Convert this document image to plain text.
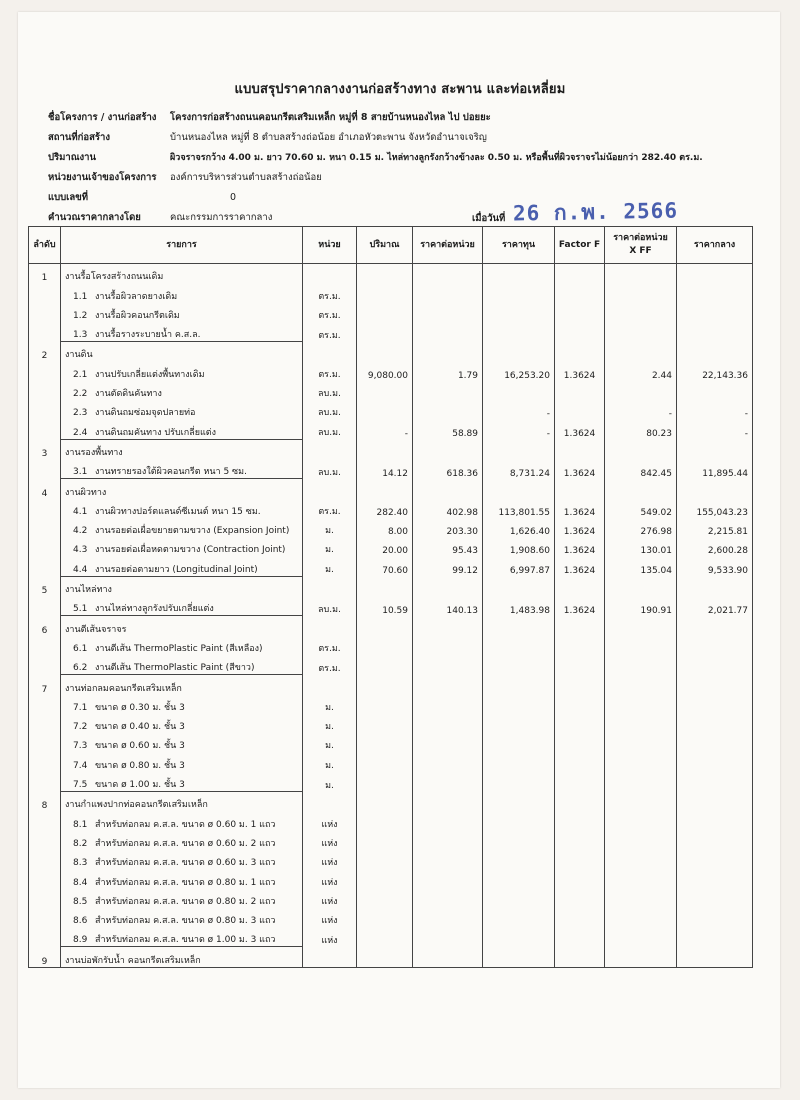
แบบสรุปราคากลางงานก่อสร้างทาง สะพาน และท่อเหลี่ยม
ชื่อโครงการ / งานก่อสร้าง โครงการก่อสร้างถนนคอนกรีตเสริมเหล็ก หมู่ที่ 8 สายบ้านหนองไหล ไป ปอยยะ
สถานที่ก่อสร้าง	บ้านหนองไหล หมู่ที่ 8 ตำบลสร้างถ่อน้อย อำเภอหัวตะพาน จังหวัดอำนาจเจริญ
ปริมาณงาน	ผิวจราจรกว้าง 4.00 ม. ยาว 70.60 ม. หนา 0.15 ม. ไหล่ทางลูกรังกว้างข้างละ 0.50 ม. หรือพื้นที่ผิวจราจรไม่น้อยกว่า 282.40 ตร.ม.
หน่วยงานเจ้าของโครงการ องค์การบริหารส่วนตำบลสร้างถ่อน้อย
แบบเลขที่	0
คำนวณราคากลางโดย	คณะกรรมการราคากลาง	เมื่อวันที่ 26 ก.พ. 2566
ลำดับ	รายการ	หน่วย	ปริมาณ	ราคาต่อหน่วย	ราคาทุน	Factor F	ราคาต่อหน่วย
X FF	ราคากลาง
1	งานรื้อโครงสร้างถนนเดิม							
	1.1 งานรื้อผิวลาดยางเดิม	ตร.ม.						
	1.2 งานรื้อผิวคอนกรีตเดิม	ตร.ม.						
	1.3 งานรื้อรางระบายน้ำ ค.ส.ล.	ตร.ม.						
2	งานดิน							
	2.1 งานปรับเกลี่ยแต่งพื้นทางเดิม	ตร.ม.	9,080.00	1.79	16,253.20	1.3624	2.44	22,143.36
	2.2 งานตัดดินคันทาง	ลบ.ม.						
	2.3 งานดินถมซ่อมจุดปลายท่อ	ลบ.ม.			-		-	-
	2.4 งานดินถมคันทาง ปรับเกลี่ยแต่ง	ลบ.ม.	-	58.89	-	1.3624	80.23	-
3	งานรองพื้นทาง							
	3.1 งานทรายรองใต้ผิวคอนกรีต หนา 5 ซม.	ลบ.ม.	14.12	618.36	8,731.24	1.3624	842.45	11,895.44
4	งานผิวทาง							
	4.1 งานผิวทางปอร์ตแลนด์ซีเมนต์ หนา 15 ซม.	ตร.ม.	282.40	402.98	113,801.55	1.3624	549.02	155,043.23
	4.2 งานรอยต่อเผื่อขยายตามขวาง (Expansion Joint)	ม.	8.00	203.30	1,626.40	1.3624	276.98	2,215.81
	4.3 งานรอยต่อเผื่อหดตามขวาง (Contraction Joint)	ม.	20.00	95.43	1,908.60	1.3624	130.01	2,600.28
	4.4 งานรอยต่อตามยาว (Longitudinal Joint)	ม.	70.60	99.12	6,997.87	1.3624	135.04	9,533.90
5	งานไหล่ทาง							
	5.1 งานไหล่ทางลูกรังปรับเกลี่ยแต่ง	ลบ.ม.	10.59	140.13	1,483.98	1.3624	190.91	2,021.77
6	งานตีเส้นจราจร							
	6.1 งานตีเส้น ThermoPlastic Paint (สีเหลือง)	ตร.ม.						
	6.2 งานตีเส้น ThermoPlastic Paint (สีขาว)	ตร.ม.						
7	งานท่อกลมคอนกรีตเสริมเหล็ก							
	7.1 ขนาด ø 0.30 ม. ชั้น 3	ม.						
	7.2 ขนาด ø 0.40 ม. ชั้น 3	ม.						
	7.3 ขนาด ø 0.60 ม. ชั้น 3	ม.						
	7.4 ขนาด ø 0.80 ม. ชั้น 3	ม.						
	7.5 ขนาด ø 1.00 ม. ชั้น 3	ม.						
8	งานกำแพงปากท่อคอนกรีตเสริมเหล็ก							
	8.1 สำหรับท่อกลม ค.ส.ล. ขนาด ø 0.60 ม. 1 แถว	แห่ง						
	8.2 สำหรับท่อกลม ค.ส.ล. ขนาด ø 0.60 ม. 2 แถว	แห่ง						
	8.3 สำหรับท่อกลม ค.ส.ล. ขนาด ø 0.60 ม. 3 แถว	แห่ง						
	8.4 สำหรับท่อกลม ค.ส.ล. ขนาด ø 0.80 ม. 1 แถว	แห่ง						
	8.5 สำหรับท่อกลม ค.ส.ล. ขนาด ø 0.80 ม. 2 แถว	แห่ง						
	8.6 สำหรับท่อกลม ค.ส.ล. ขนาด ø 0.80 ม. 3 แถว	แห่ง						
	8.9 สำหรับท่อกลม ค.ส.ล. ขนาด ø 1.00 ม. 3 แถว	แห่ง						
9	งานบ่อพักรับน้ำ คอนกรีตเสริมเหล็ก							
